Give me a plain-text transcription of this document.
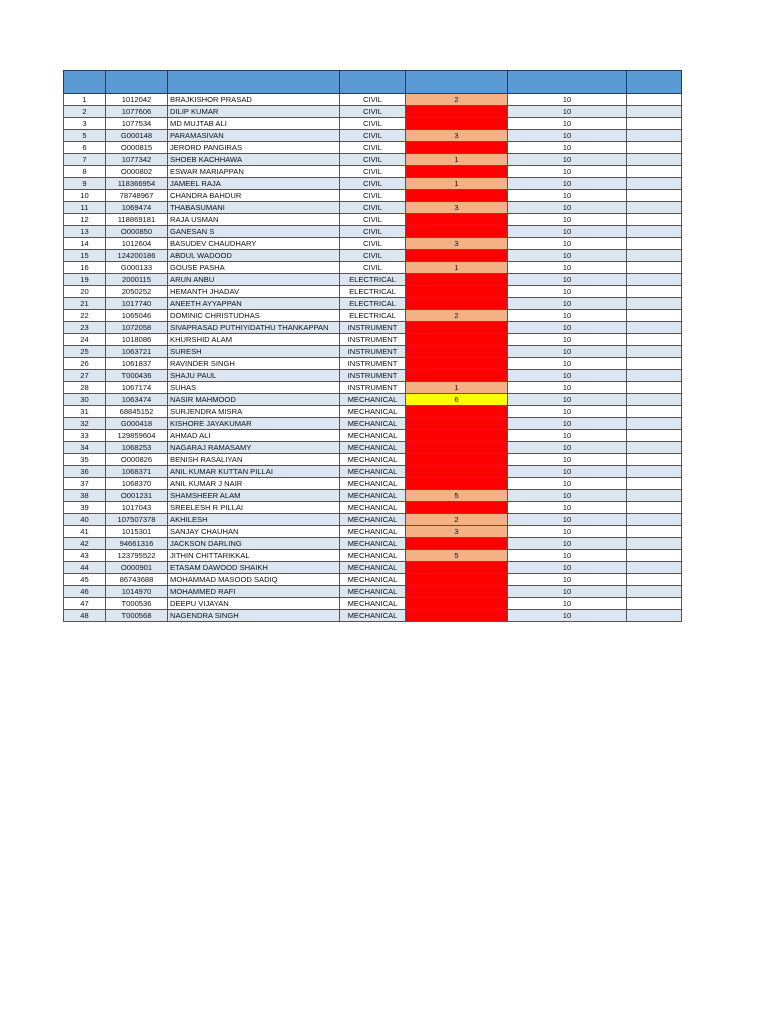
1	1012042	BRAJKISHOR PRASAD	CIVIL	2	10	
2	1077606	DILIP KUMAR	CIVIL	0	10	
3	1077534	MD MUJTAB ALI	CIVIL	0	10	
5	G000148	PARAMASIVAN	CIVIL	3	10	
6	O000815	JERORD PANGIRAS	CIVIL	0	10	
7	1077342	SHOEB KACHHAWA	CIVIL	1	10	
8	O000802	ESWAR MARIAPPAN	CIVIL	0	10	
9	118366954	JAMEEL RAJA	CIVIL	1	10	
10	78748967	CHANDRA BAHDUR	CIVIL	0	10	
11	1069474	THABASUMANI	CIVIL	3	10	
12	118869181	RAJA USMAN	CIVIL	0	10	
13	O000850	GANESAN S	CIVIL	0	10	
14	1012604	BASUDEV CHAUDHARY	CIVIL	3	10	
15	124200186	ABDUL WADOOD	CIVIL	0	10	
16	G000133	GOUSE PASHA	CIVIL	1	10	
19	2000115	ARUN ANBU	ELECTRICAL	0	10	
20	2050252	HEMANTH JHADAV	ELECTRICAL	0	10	
21	1017740	ANEETH AYYAPPAN	ELECTRICAL	0	10	
22	1065046	DOMINIC CHRISTUDHAS	ELECTRICAL	2	10	
23	1072058	SIVAPRASAD PUTHIYIDATHU THANKAPPAN	INSTRUMENT	0	10	
24	1018086	KHURSHID ALAM	INSTRUMENT	0	10	
25	1063721	SURESH	INSTRUMENT	0	10	
26	1061837	RAVINDER SINGH	INSTRUMENT	0	10	
27	T000436	SHAJU PAUL	INSTRUMENT	0	10	
28	1067174	SUHAS	INSTRUMENT	1	10	
30	1063474	NASIR MAHMOOD	MECHANICAL	6	10	
31	68845152	SURJENDRA MISRA	MECHANICAL	0	10	
32	G000418	KISHORE JAYAKUMAR	MECHANICAL	0	10	
33	129859604	AHMAD ALI	MECHANICAL	0	10	
34	1068253	NAGARAJ RAMASAMY	MECHANICAL	0	10	
35	O000826	BENISH RASALIYAN	MECHANICAL	0	10	
36	1068371	ANIL KUMAR KUTTAN PILLAI	MECHANICAL	0	10	
37	1068370	ANIL KUMAR J NAIR	MECHANICAL	0	10	
38	O001231	SHAMSHEER ALAM	MECHANICAL	5	10	
39	1017043	SREELESH R PILLAI	MECHANICAL	0	10	
40	107507378	AKHILESH	MECHANICAL	2	10	
41	1015301	SANJAY CHAUHAN	MECHANICAL	3	10	
42	94661316	JACKSON DARLING	MECHANICAL	0	10	
43	123795522	JITHIN CHITTARIKKAL	MECHANICAL	5	10	
44	O000901	ETASAM DAWOOD SHAIKH	MECHANICAL	0	10	
45	86743688	MOHAMMAD MASOOD SADIQ	MECHANICAL	0	10	
46	1014970	MOHAMMED RAFI	MECHANICAL	0	10	
47	T000536	DEEPU VIJAYAN	MECHANICAL	0	10	
48	T000568	NAGENDRA SINGH	MECHANICAL	0	10	
